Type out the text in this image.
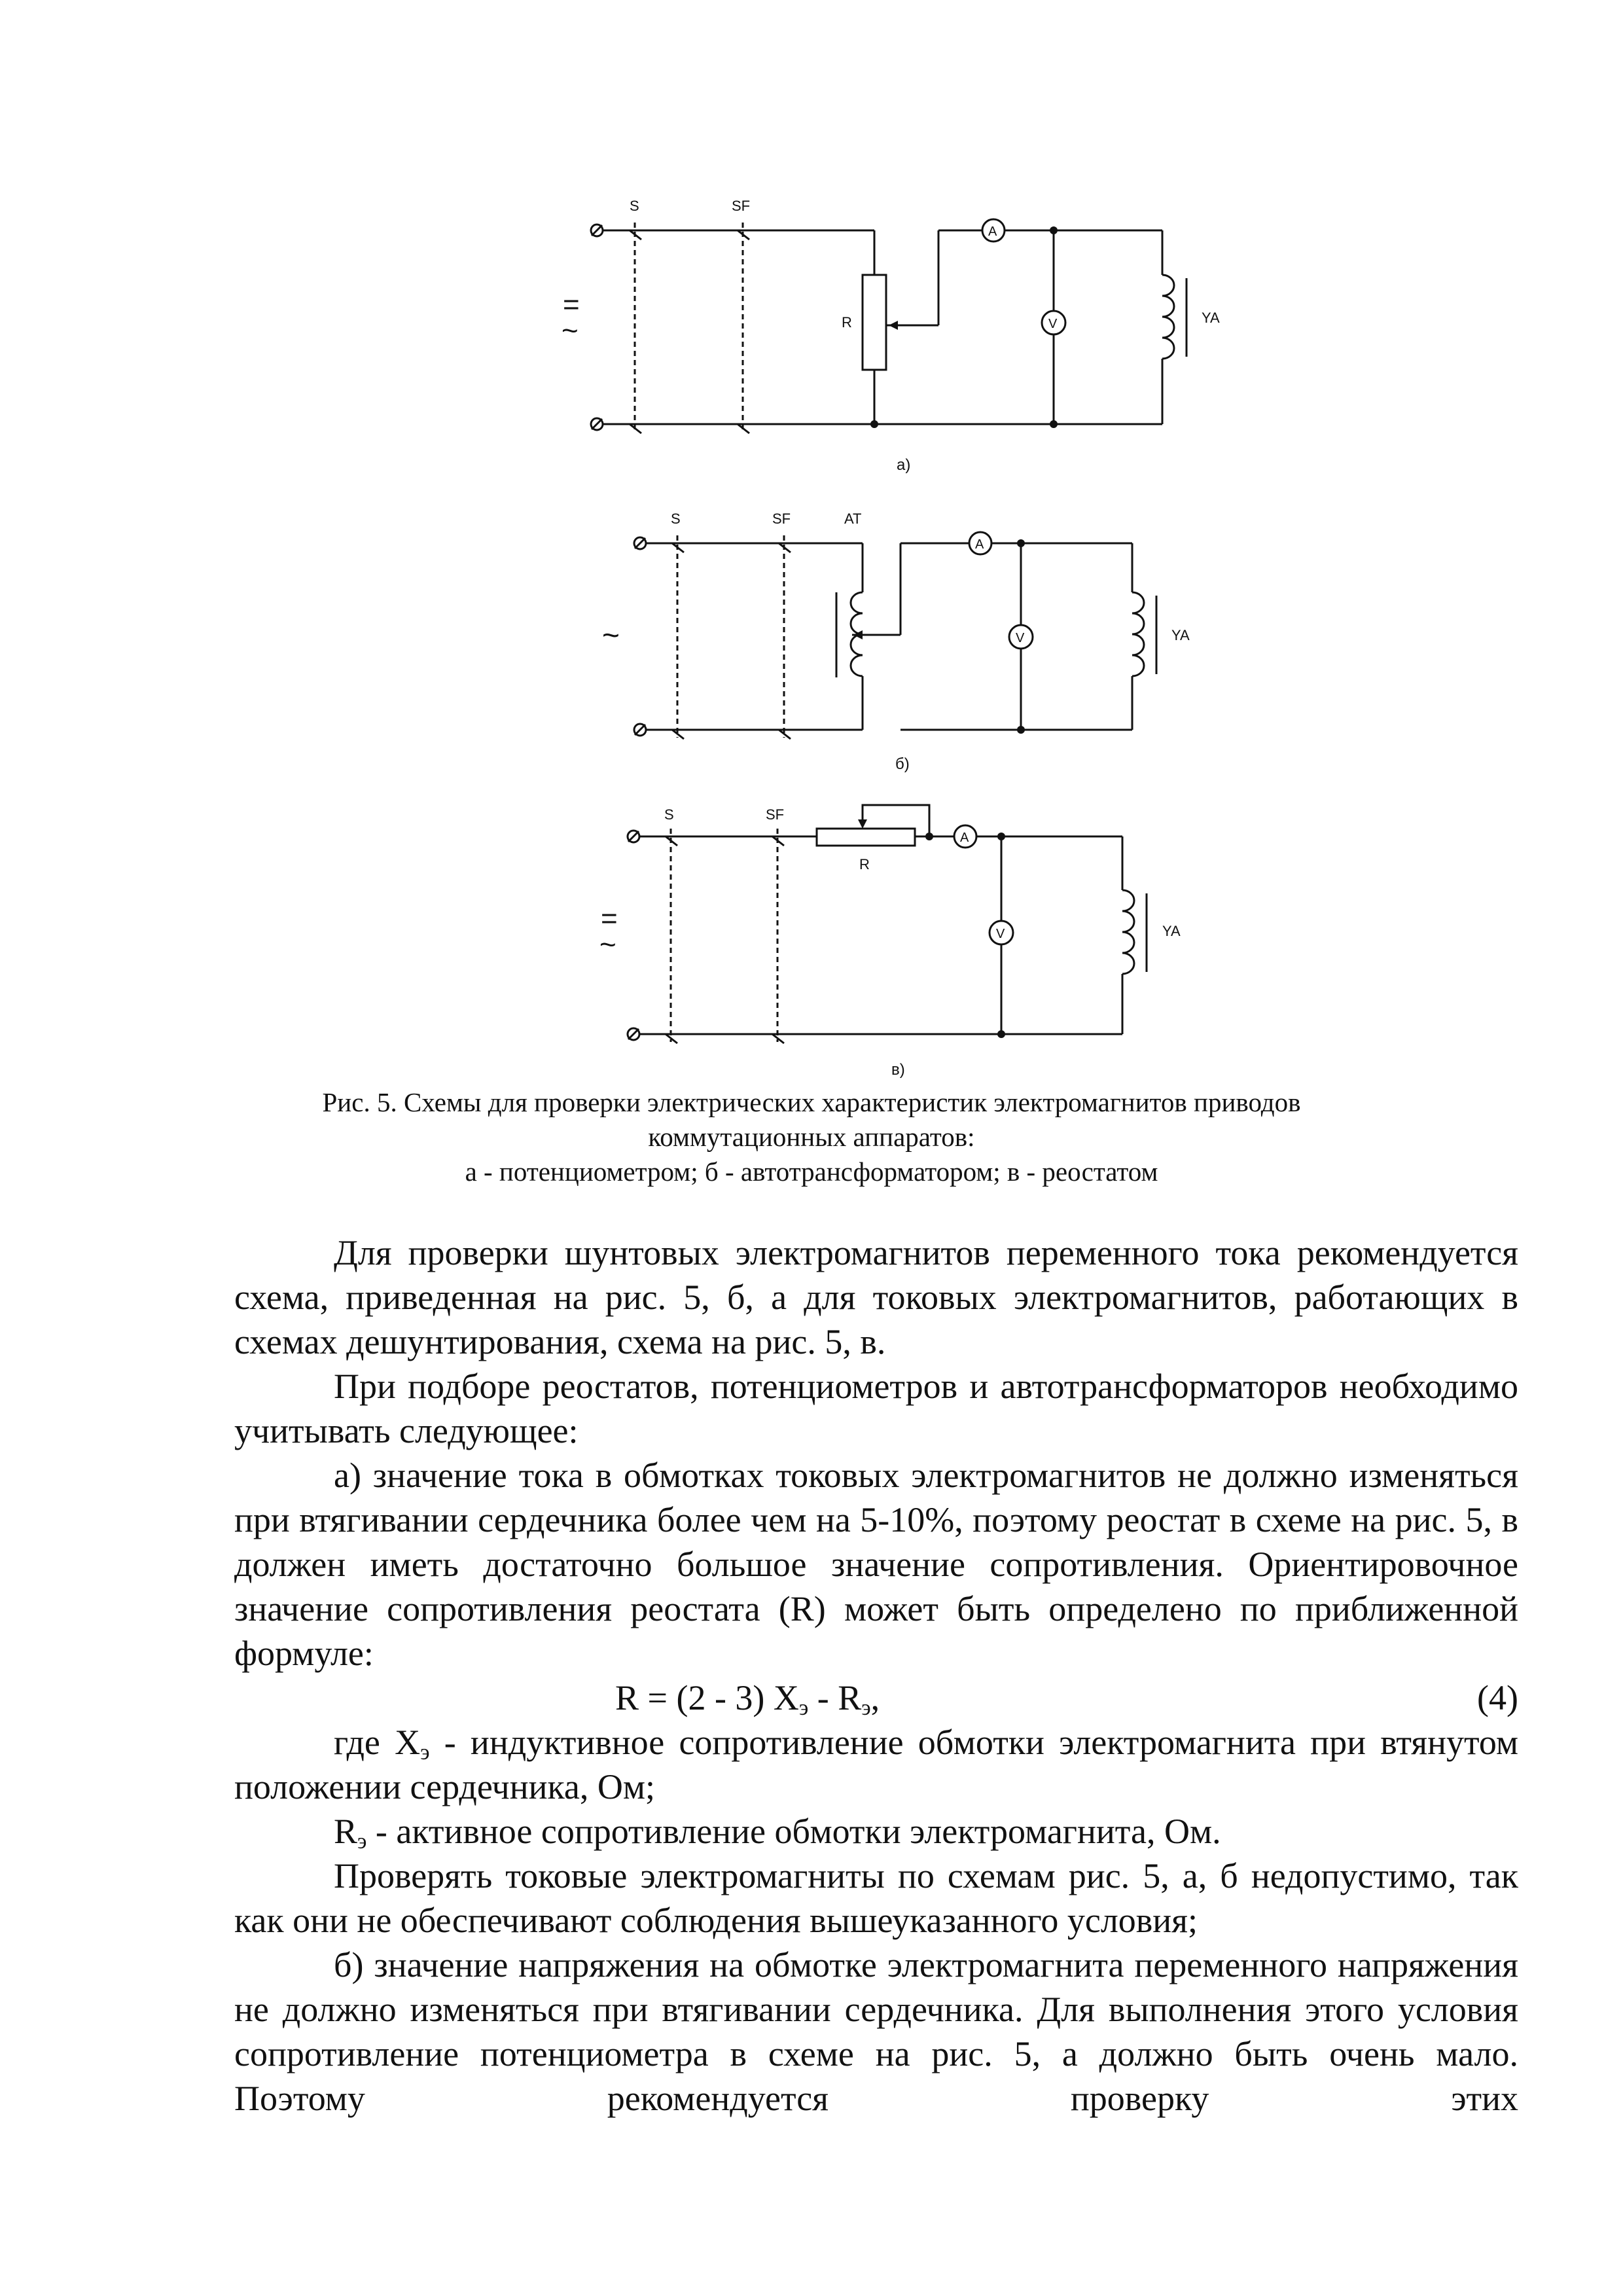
S	SF
R
A
V	YA
=
~
а)
S	SF	AT
A
V	YA
~
б)
S	SF
R
A
V	YA
=
~
в)
Рис. 5. Схемы для проверки электрических характеристик электромагнитов приводов
коммутационных аппаратов:
а - потенциометром; б - автотрансформатором; в - реостатом

Для проверки шунтовых электромагнитов переменного тока рекомендуется схема, приведенная на рис. 5, б, а для токовых электромагнитов, работающих в схемах дешунтирования, схема на рис. 5, в.

При подборе реостатов, потенциометров и автотрансформаторов необходимо учитывать следующее:

а) значение тока в обмотках токовых электромагнитов не должно изменяться при втягивании сердечника более чем на 5-10%, поэтому реостат в схеме на рис. 5, в должен иметь достаточно большое значение сопротивления. Ориентировочное значение сопротивления реостата (R) может быть определено по приближенной формуле:

R = (2 - 3) $X_э - R_э$,	(4)

где $X_э$ - индуктивное сопротивление обмотки электромагнита при втянутом положении сердечника, Ом;

$R_э$ - активное сопротивление обмотки электромагнита, Ом.

Проверять токовые электромагниты по схемам рис. 5, а, б недопустимо, так как они не обеспечивают соблюдения вышеуказанного условия;

б) значение напряжения на обмотке электромагнита переменного напряжения не должно изменяться при втягивании сердечника. Для выполнения этого условия сопротивление потенциометра в схеме на рис. 5, а должно быть очень мало. Поэтому рекомендуется проверку этих
